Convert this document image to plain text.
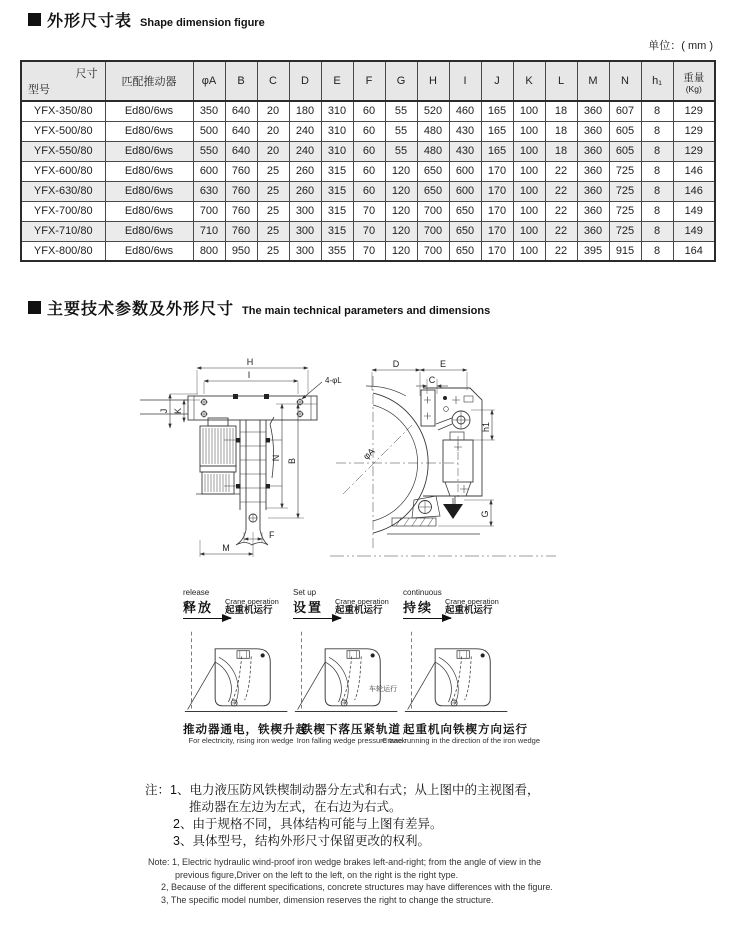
外形尺寸表 Shape dimension figure
单位：( mm )
尺寸
型号	匹配推动器	φA	B	C	D	E	F	G	H	I	J	K	L	M	N	h₁	重量
(Kg)

YFX-350/80	Ed80/6ws	350	640	20	180	310	60	55	520	460	165	100	18	360	607	8	129
YFX-500/80	Ed80/6ws	500	640	20	240	310	60	55	480	430	165	100	18	360	605	8	129
YFX-550/80	Ed80/6ws	550	640	20	240	310	60	55	480	430	165	100	18	360	605	8	129
YFX-600/80	Ed80/6ws	600	760	25	260	315	60	120	650	600	170	100	22	360	725	8	146
YFX-630/80	Ed80/6ws	630	760	25	260	315	60	120	650	600	170	100	22	360	725	8	146
YFX-700/80	Ed80/6ws	700	760	25	300	315	70	120	700	650	170	100	22	360	725	8	149
YFX-710/80	Ed80/6ws	710	760	25	300	315	70	120	700	650	170	100	22	360	725	8	149
YFX-800/80	Ed80/6ws	800	950	25	300	355	70	120	700	650	170	100	22	395	915	8	164
主要技术参数及外形尺寸 The main technical parameters and dimensions
H
I
4-φL
J K
N B
M
F
D	E
C
h1
φA
G
release
释放	Crane operation
起重机运行
推动器通电，铁楔升起
For electricity, rising iron wedge
Set up
设置	Crane operation
起重机运行
铁楔下落压紧轨道
Iron falling wedge pressure track
continuous
持续	Crane operation
起重机运行
车轮运行
起重机向铁楔方向运行
Crane running in the direction of the iron wedge
注：1、电力液压防风铁楔制动器分左式和右式；从上图中的主视图看，
推动器在左边为左式，在右边为右式。
2、由于规格不同，具体结构可能与上图有差异。
3、具体型号，结构外形尺寸保留更改的权利。
Note: 1, Electric hydraulic wind-proof iron wedge brakes left-and-right; from the angle of view in the
previous figure,Driver on the left to the left, on the right is the right type.
2, Because of the different specifications, concrete structures may have differences with the figure.
3, The specific model number, dimension reserves the right to change the structure.
